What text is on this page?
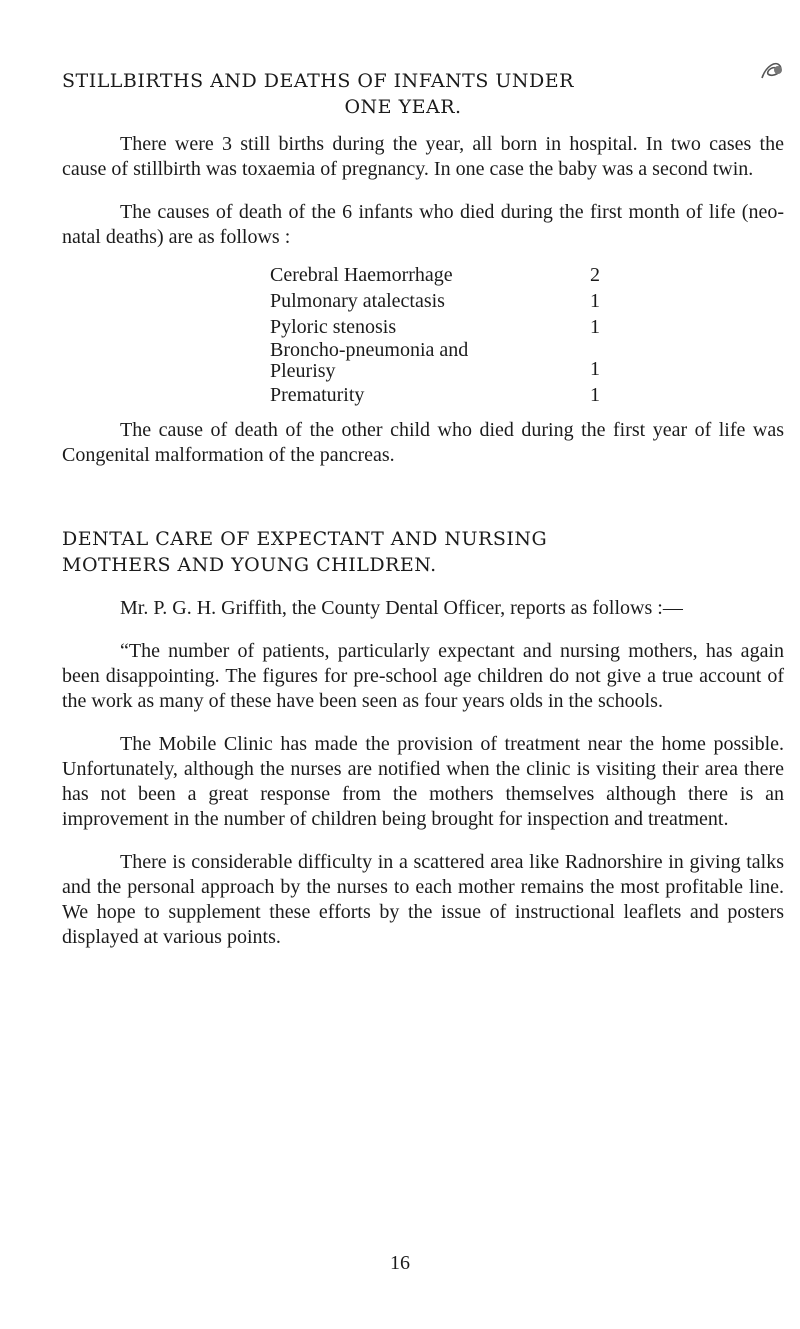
STILLBIRTHS AND DEATHS OF INFANTS UNDER

ONE YEAR.

There were 3 still births during the year, all born in hospital. In two cases the cause of stillbirth was toxaemia of pregnancy. In one case the baby was a second twin.

The causes of death of the 6 infants who died during the first month of life (neo-natal deaths) are as follows :

Cerebral Haemorrhage	2
Pulmonary atalectasis	1
Pyloric stenosis	1
Broncho-pneumonia and
Pleurisy	1
Prematurity	1

The cause of death of the other child who died during the first year of life was Congenital malformation of the pancreas.

DENTAL CARE OF EXPECTANT AND NURSING

MOTHERS AND YOUNG CHILDREN.

Mr. P. G. H. Griffith, the County Dental Officer, reports as follows :—

“The number of patients, particularly expectant and nursing mothers, has again been disappointing. The figures for pre-school age children do not give a true account of the work as many of these have been seen as four years olds in the schools.

The Mobile Clinic has made the provision of treatment near the home possible. Unfortunately, although the nurses are notified when the clinic is visiting their area there has not been a great response from the mothers themselves although there is an improvement in the number of children being brought for inspection and treatment.

There is considerable difficulty in a scattered area like Radnorshire in giving talks and the personal approach by the nurses to each mother remains the most profitable line. We hope to supplement these efforts by the issue of instructional leaflets and posters displayed at various points.

16
